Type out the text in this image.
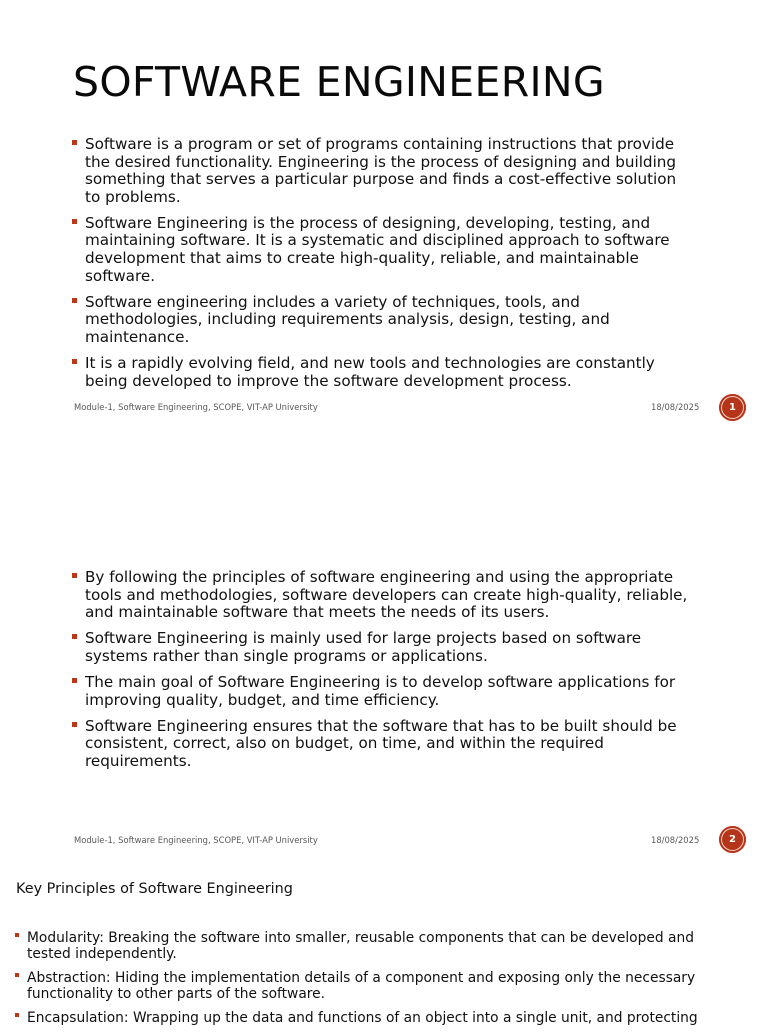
SOFTWARE ENGINEERING
Software is a program or set of programs containing instructions that provide the desired functionality. Engineering is the process of designing and building something that serves a particular purpose and finds a cost-effective solution to problems.
Software Engineering is the process of designing, developing, testing, and maintaining software. It is a systematic and disciplined approach to software development that aims to create high-quality, reliable, and maintainable software.
Software engineering includes a variety of techniques, tools, and methodologies, including requirements analysis, design, testing, and maintenance.
It is a rapidly evolving field, and new tools and technologies are constantly being developed to improve the software development process.
Module-1, Software Engineering, SCOPE, VIT-AP University	18/08/2025	1
By following the principles of software engineering and using the appropriate tools and methodologies, software developers can create high-quality, reliable, and maintainable software that meets the needs of its users.
Software Engineering is mainly used for large projects based on software systems rather than single programs or applications.
The main goal of Software Engineering is to develop software applications for improving quality, budget, and time efficiency.
Software Engineering ensures that the software that has to be built should be consistent, correct, also on budget, on time, and within the required requirements.
Module-1, Software Engineering, SCOPE, VIT-AP University	18/08/2025	2
Key Principles of Software Engineering
Modularity: Breaking the software into smaller, reusable components that can be developed and tested independently.
Abstraction: Hiding the implementation details of a component and exposing only the necessary functionality to other parts of the software.
Encapsulation: Wrapping up the data and functions of an object into a single unit, and protecting
